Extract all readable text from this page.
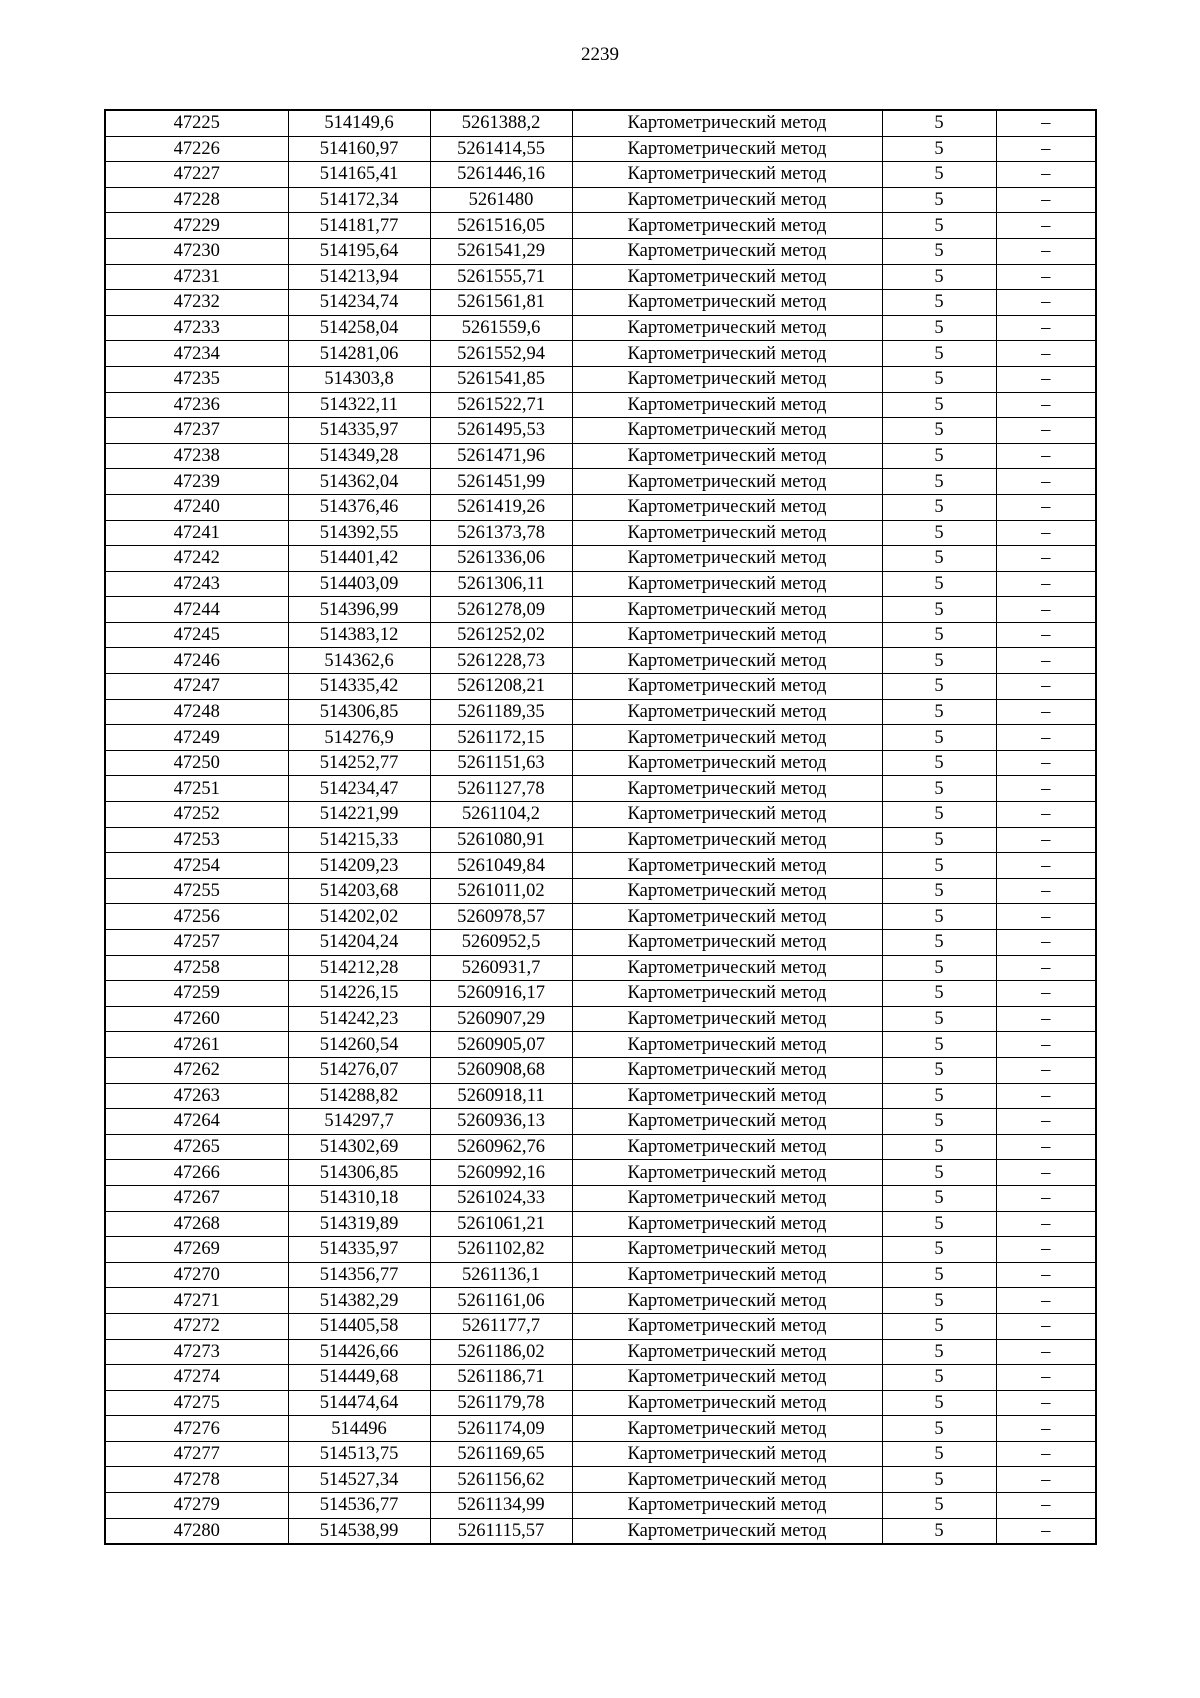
2239
47225	514149,6	5261388,2	Картометрический метод	5	–
47226	514160,97	5261414,55	Картометрический метод	5	–
47227	514165,41	5261446,16	Картометрический метод	5	–
47228	514172,34	5261480	Картометрический метод	5	–
47229	514181,77	5261516,05	Картометрический метод	5	–
47230	514195,64	5261541,29	Картометрический метод	5	–
47231	514213,94	5261555,71	Картометрический метод	5	–
47232	514234,74	5261561,81	Картометрический метод	5	–
47233	514258,04	5261559,6	Картометрический метод	5	–
47234	514281,06	5261552,94	Картометрический метод	5	–
47235	514303,8	5261541,85	Картометрический метод	5	–
47236	514322,11	5261522,71	Картометрический метод	5	–
47237	514335,97	5261495,53	Картометрический метод	5	–
47238	514349,28	5261471,96	Картометрический метод	5	–
47239	514362,04	5261451,99	Картометрический метод	5	–
47240	514376,46	5261419,26	Картометрический метод	5	–
47241	514392,55	5261373,78	Картометрический метод	5	–
47242	514401,42	5261336,06	Картометрический метод	5	–
47243	514403,09	5261306,11	Картометрический метод	5	–
47244	514396,99	5261278,09	Картометрический метод	5	–
47245	514383,12	5261252,02	Картометрический метод	5	–
47246	514362,6	5261228,73	Картометрический метод	5	–
47247	514335,42	5261208,21	Картометрический метод	5	–
47248	514306,85	5261189,35	Картометрический метод	5	–
47249	514276,9	5261172,15	Картометрический метод	5	–
47250	514252,77	5261151,63	Картометрический метод	5	–
47251	514234,47	5261127,78	Картометрический метод	5	–
47252	514221,99	5261104,2	Картометрический метод	5	–
47253	514215,33	5261080,91	Картометрический метод	5	–
47254	514209,23	5261049,84	Картометрический метод	5	–
47255	514203,68	5261011,02	Картометрический метод	5	–
47256	514202,02	5260978,57	Картометрический метод	5	–
47257	514204,24	5260952,5	Картометрический метод	5	–
47258	514212,28	5260931,7	Картометрический метод	5	–
47259	514226,15	5260916,17	Картометрический метод	5	–
47260	514242,23	5260907,29	Картометрический метод	5	–
47261	514260,54	5260905,07	Картометрический метод	5	–
47262	514276,07	5260908,68	Картометрический метод	5	–
47263	514288,82	5260918,11	Картометрический метод	5	–
47264	514297,7	5260936,13	Картометрический метод	5	–
47265	514302,69	5260962,76	Картометрический метод	5	–
47266	514306,85	5260992,16	Картометрический метод	5	–
47267	514310,18	5261024,33	Картометрический метод	5	–
47268	514319,89	5261061,21	Картометрический метод	5	–
47269	514335,97	5261102,82	Картометрический метод	5	–
47270	514356,77	5261136,1	Картометрический метод	5	–
47271	514382,29	5261161,06	Картометрический метод	5	–
47272	514405,58	5261177,7	Картометрический метод	5	–
47273	514426,66	5261186,02	Картометрический метод	5	–
47274	514449,68	5261186,71	Картометрический метод	5	–
47275	514474,64	5261179,78	Картометрический метод	5	–
47276	514496	5261174,09	Картометрический метод	5	–
47277	514513,75	5261169,65	Картометрический метод	5	–
47278	514527,34	5261156,62	Картометрический метод	5	–
47279	514536,77	5261134,99	Картометрический метод	5	–
47280	514538,99	5261115,57	Картометрический метод	5	–
